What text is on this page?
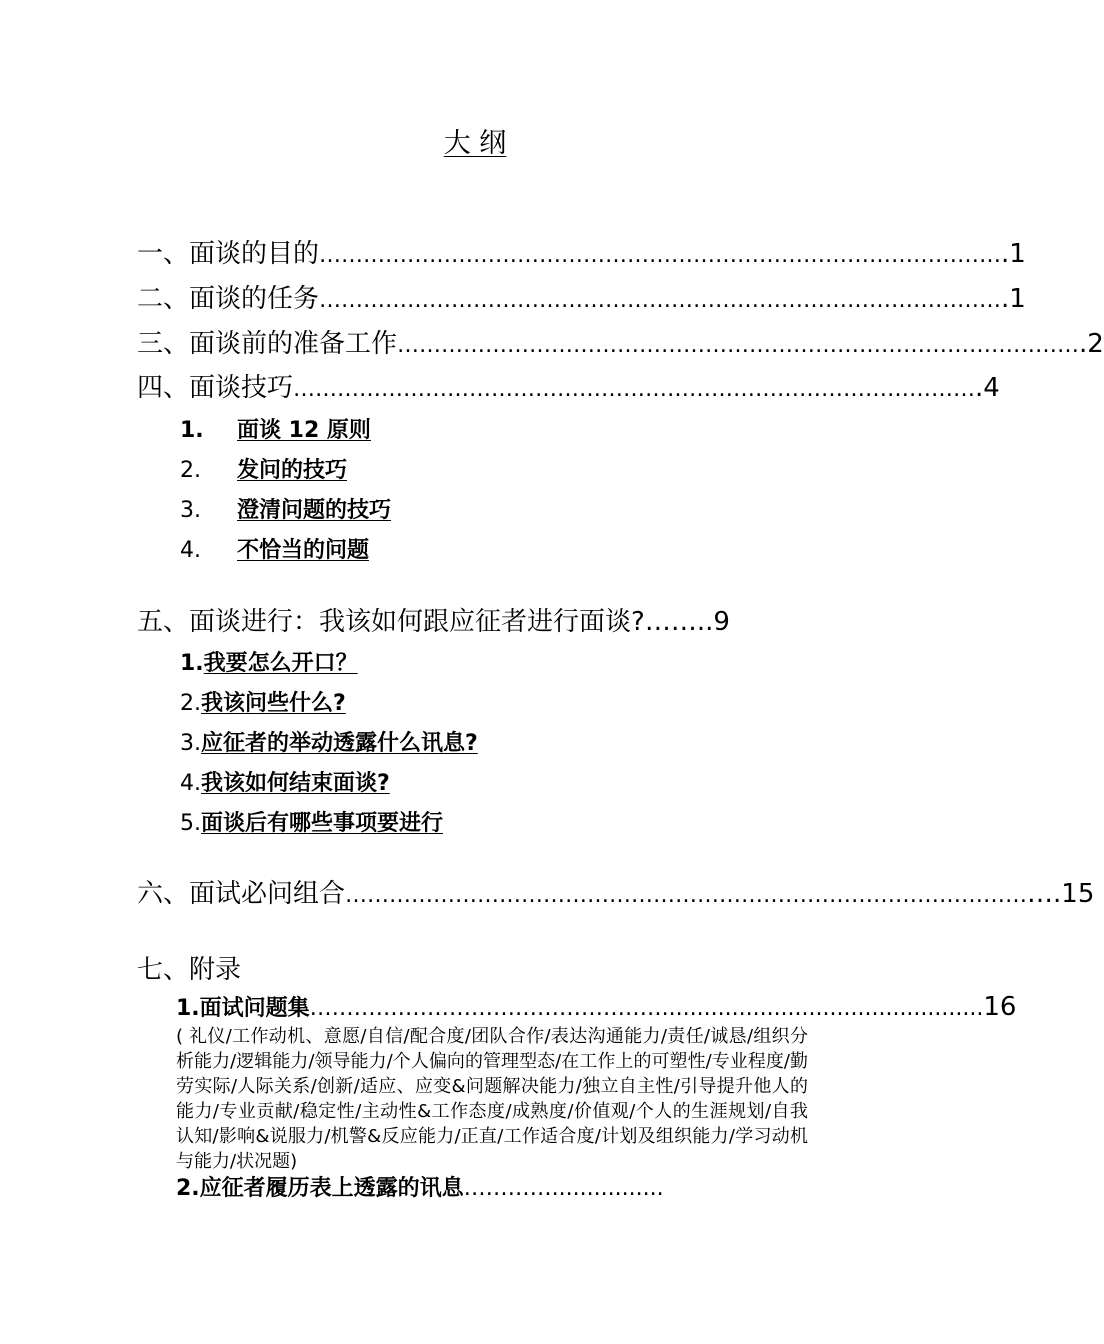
大 纲
一、面谈的目的 ………………………………………………………………………………… .1
二、面谈的任务 ………………………………………………………………………………… .1
三、面谈前的准备工作 ………………………………………………………………………………… .2
四、面谈技巧 ………………………………………………………………………………… .4
1. 面谈 12 原则
2. 发问的技巧
3. 澄清问题的技巧
4. 不恰当的问题
五、面谈进行：我该如何跟应征者进行面谈?……..9
1.我要怎么开口？
2.我该问些什么?
3.应征者的举动透露什么讯息?
4.我该如何结束面谈?
5.面谈后有哪些事项要进行
六、面试必问组合 ………………………………………………………………………………… ….15
七、附录
1.面试问题集 ………………………………………….............................................. 16
( 礼仪/工作动机、意愿/自信/配合度/团队合作/表达沟通能力/责任/诚恳/组织分析能力/逻辑能力/领导能力/个人偏向的管理型态/在工作上的可塑性/专业程度/勤劳实际/人际关系/创新/适应、应变&问题解决能力/独立自主性/引导提升他人的能力/专业贡献/稳定性/主动性&工作态度/成熟度/价值观/个人的生涯规划/自我认知/影响&说服力/机警&反应能力/正直/工作适合度/计划及组织能力/学习动机与能力/状况题)
2.应征者履历表上透露的讯息…………................
